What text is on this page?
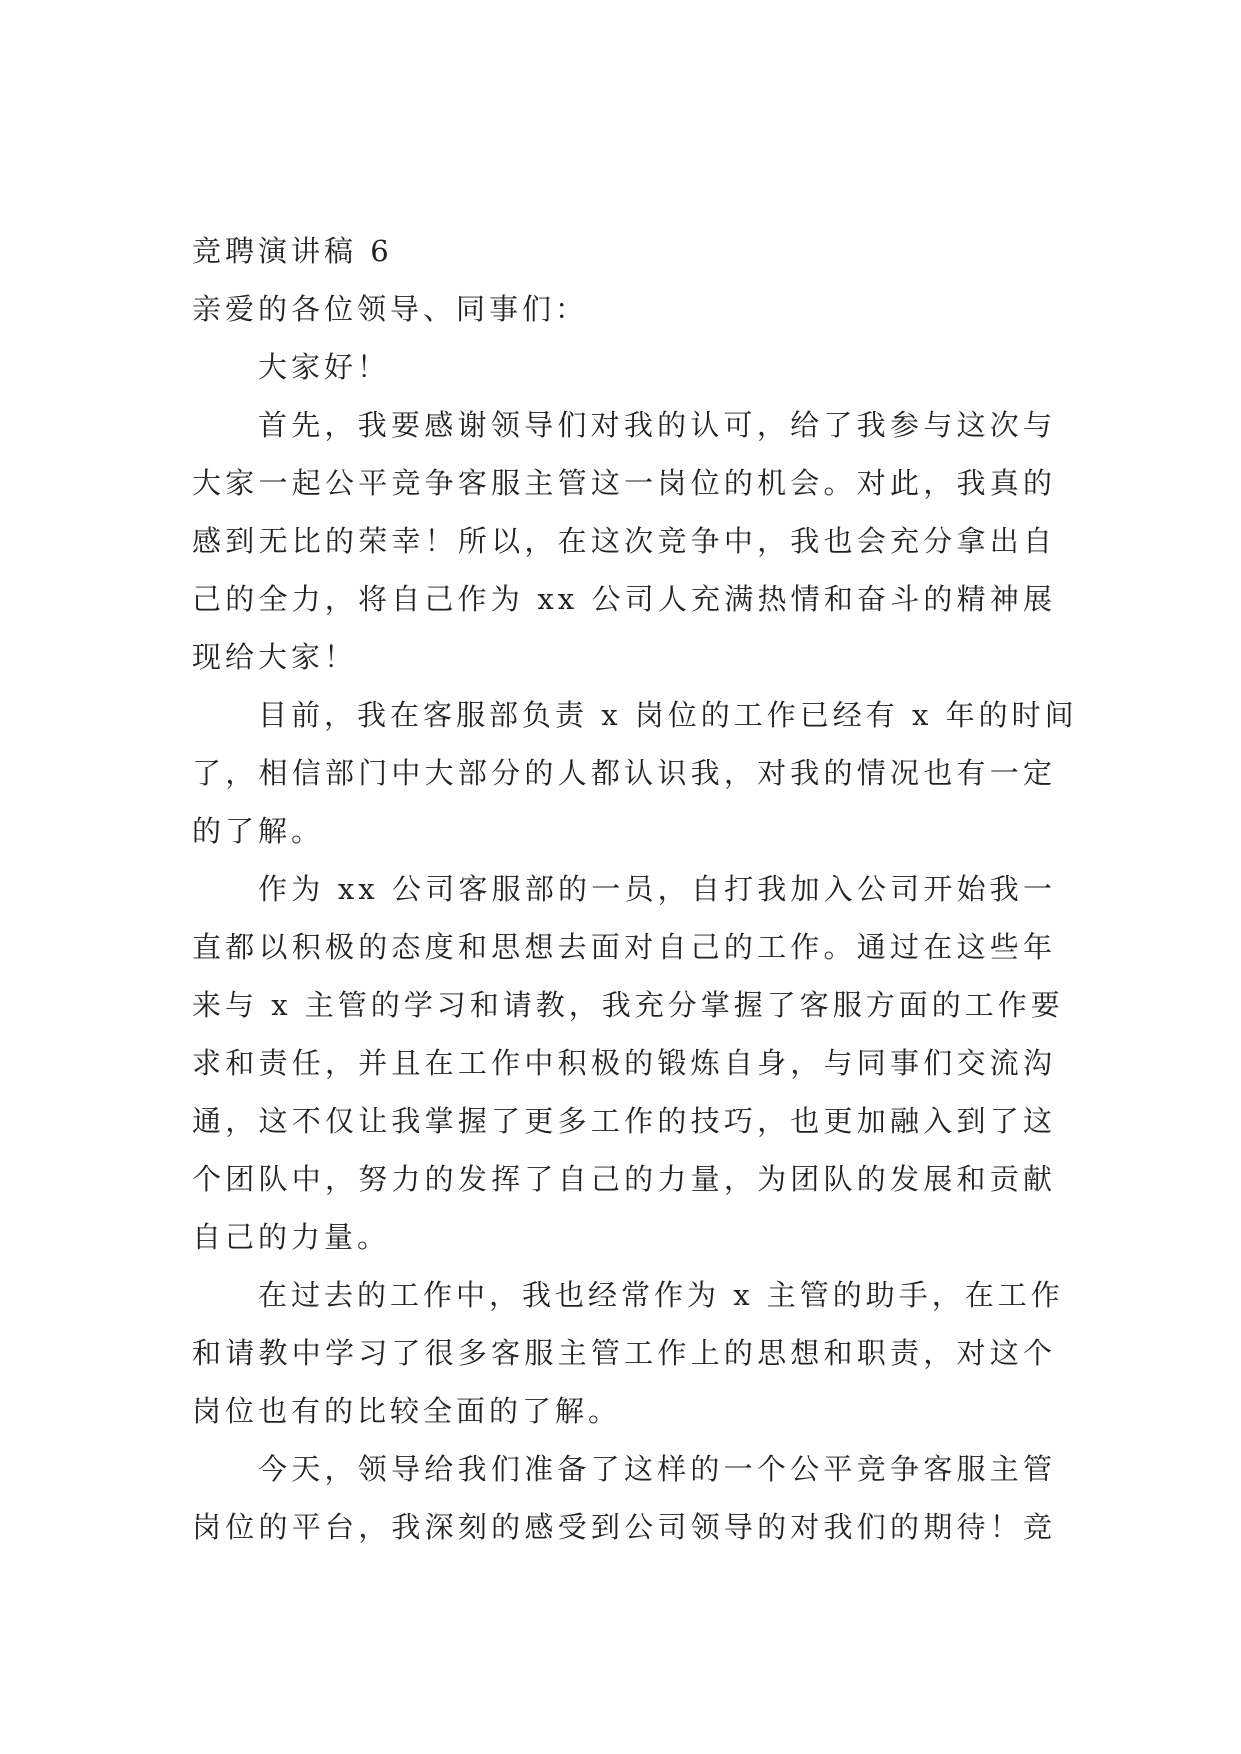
竞聘演讲稿 6
亲爱的各位领导、同事们：
大家好！
首先，我要感谢领导们对我的认可，给了我参与这次与
大家一起公平竞争客服主管这一岗位的机会。对此，我真的
感到无比的荣幸！所以，在这次竞争中，我也会充分拿出自
己的全力，将自己作为 xx 公司人充满热情和奋斗的精神展
现给大家！
目前，我在客服部负责 x 岗位的工作已经有 x 年的时间
了，相信部门中大部分的人都认识我，对我的情况也有一定
的了解。
作为 xx 公司客服部的一员，自打我加入公司开始我一
直都以积极的态度和思想去面对自己的工作。通过在这些年
来与 x 主管的学习和请教，我充分掌握了客服方面的工作要
求和责任，并且在工作中积极的锻炼自身，与同事们交流沟
通，这不仅让我掌握了更多工作的技巧，也更加融入到了这
个团队中，努力的发挥了自己的力量，为团队的发展和贡献
自己的力量。
在过去的工作中，我也经常作为 x 主管的助手，在工作
和请教中学习了很多客服主管工作上的思想和职责，对这个
岗位也有的比较全面的了解。
今天，领导给我们准备了这样的一个公平竞争客服主管
岗位的平台，我深刻的感受到公司领导的对我们的期待！竞
